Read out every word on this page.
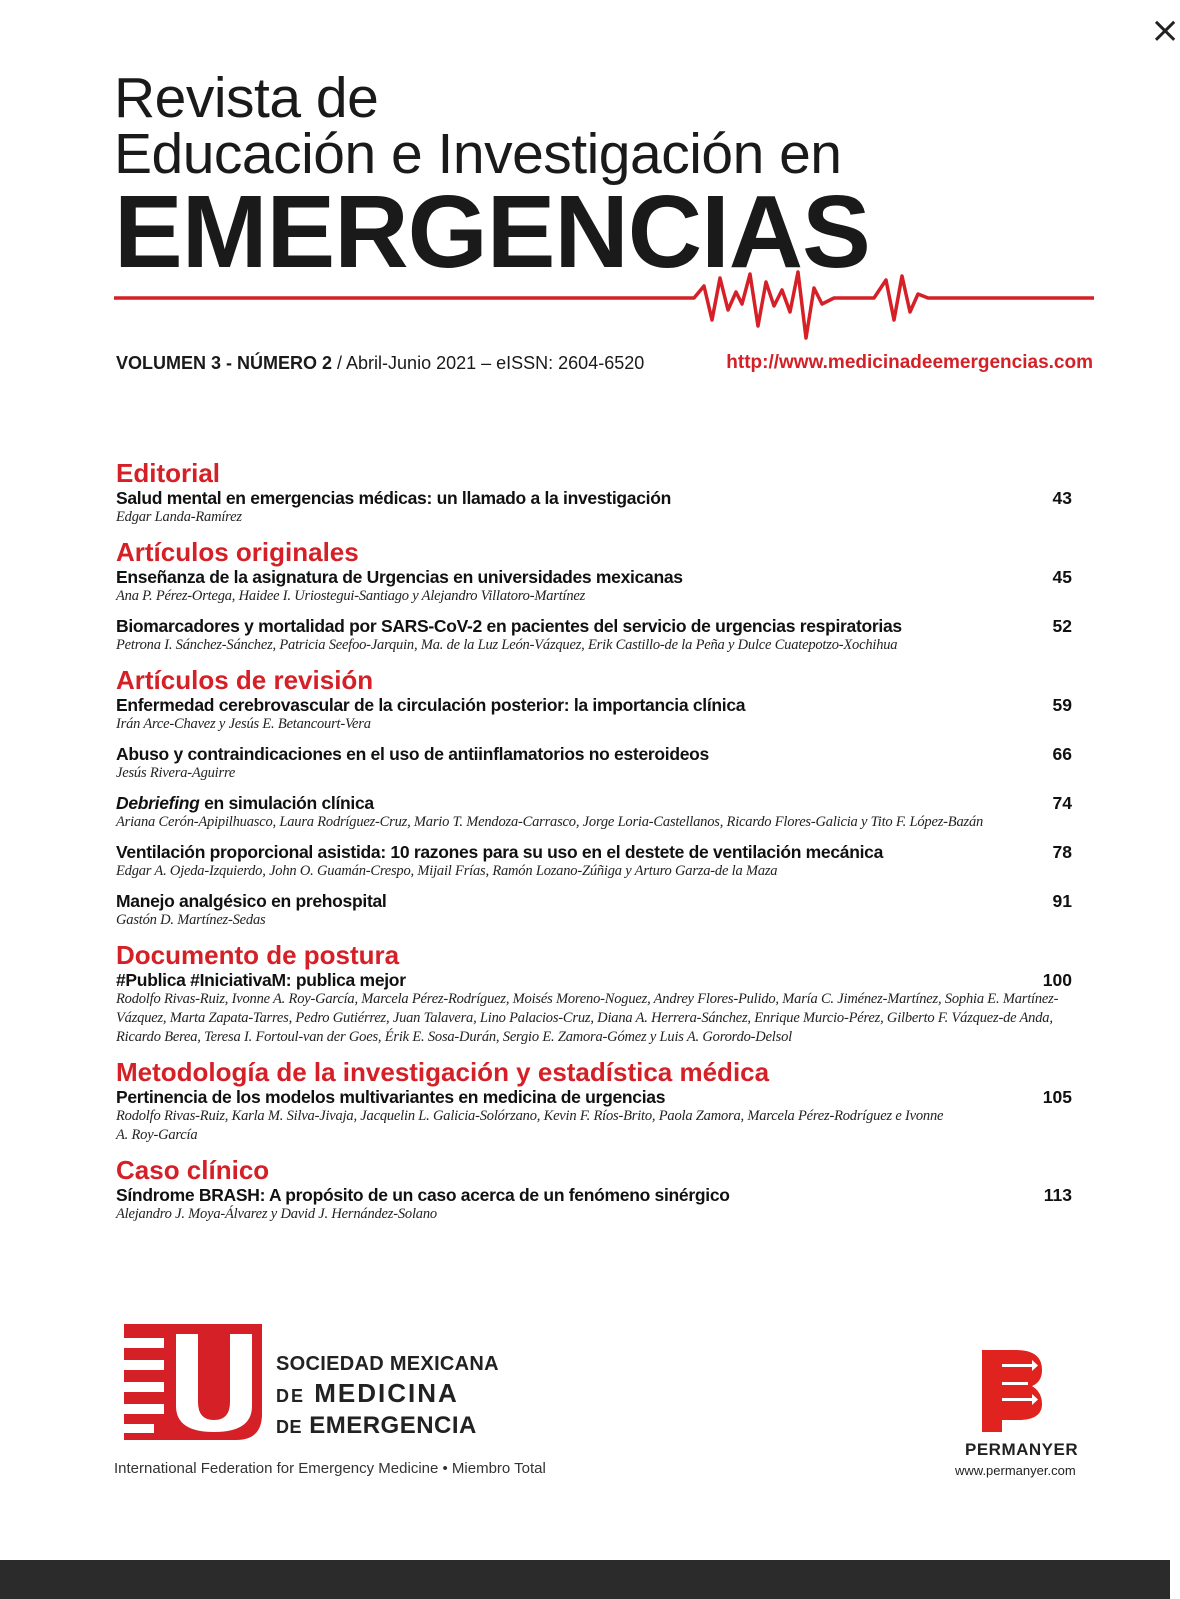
×
Revista de
Educación e Investigación en
EMERGENCIAS
VOLUMEN 3 - NÚMERO 2 / Abril-Junio 2021 – eISSN: 2604-6520	http://www.medicinadeemergencias.com
Editorial
Salud mental en emergencias médicas: un llamado a la investigación
Edgar Landa-Ramírez
43
Artículos originales
Enseñanza de la asignatura de Urgencias en universidades mexicanas
Ana P. Pérez-Ortega, Haidee I. Uriostegui-Santiago y Alejandro Villatoro-Martínez
45
Biomarcadores y mortalidad por SARS-CoV-2 en pacientes del servicio de urgencias respiratorias
Petrona I. Sánchez-Sánchez, Patricia Seefoo-Jarquin, Ma. de la Luz León-Vázquez, Erik Castillo-de la Peña y Dulce Cuatepotzo-Xochihua
52
Artículos de revisión
Enfermedad cerebrovascular de la circulación posterior: la importancia clínica
Irán Arce-Chavez y Jesús E. Betancourt-Vera
59
Abuso y contraindicaciones en el uso de antiinflamatorios no esteroideos
Jesús Rivera-Aguirre
66
Debriefing en simulación clínica
Ariana Cerón-Apipilhuasco, Laura Rodríguez-Cruz, Mario T. Mendoza-Carrasco, Jorge Loria-Castellanos, Ricardo Flores-Galicia y Tito F. López-Bazán
74
Ventilación proporcional asistida: 10 razones para su uso en el destete de ventilación mecánica
Edgar A. Ojeda-Izquierdo, John O. Guamán-Crespo, Mijail Frías, Ramón Lozano-Zúñiga y Arturo Garza-de la Maza
78
Manejo analgésico en prehospital
Gastón D. Martínez-Sedas
91
Documento de postura
#Publica #IniciativaM: publica mejor
Rodolfo Rivas-Ruiz, Ivonne A. Roy-García, Marcela Pérez-Rodríguez, Moisés Moreno-Noguez, Andrey Flores-Pulido, María C. Jiménez-Martínez, Sophia E. Martínez-Vázquez, Marta Zapata-Tarres, Pedro Gutiérrez, Juan Talavera, Lino Palacios-Cruz, Diana A. Herrera-Sánchez, Enrique Murcio-Pérez, Gilberto F. Vázquez-de Anda, Ricardo Berea, Teresa I. Fortoul-van der Goes, Érik E. Sosa-Durán, Sergio E. Zamora-Gómez y Luis A. Gorordo-Delsol
100
Metodología de la investigación y estadística médica
Pertinencia de los modelos multivariantes en medicina de urgencias
Rodolfo Rivas-Ruiz, Karla M. Silva-Jivaja, Jacquelin L. Galicia-Solórzano, Kevin F. Ríos-Brito, Paola Zamora, Marcela Pérez-Rodríguez e Ivonne A. Roy-García
105
Caso clínico
Síndrome BRASH: A propósito de un caso acerca de un fenómeno sinérgico
Alejandro J. Moya-Álvarez y David J. Hernández-Solano
113
SOCIEDAD MEXICANA
DE MEDICINA
DE EMERGENCIA
International Federation for Emergency Medicine • Miembro Total
PERMANYER
www.permanyer.com
